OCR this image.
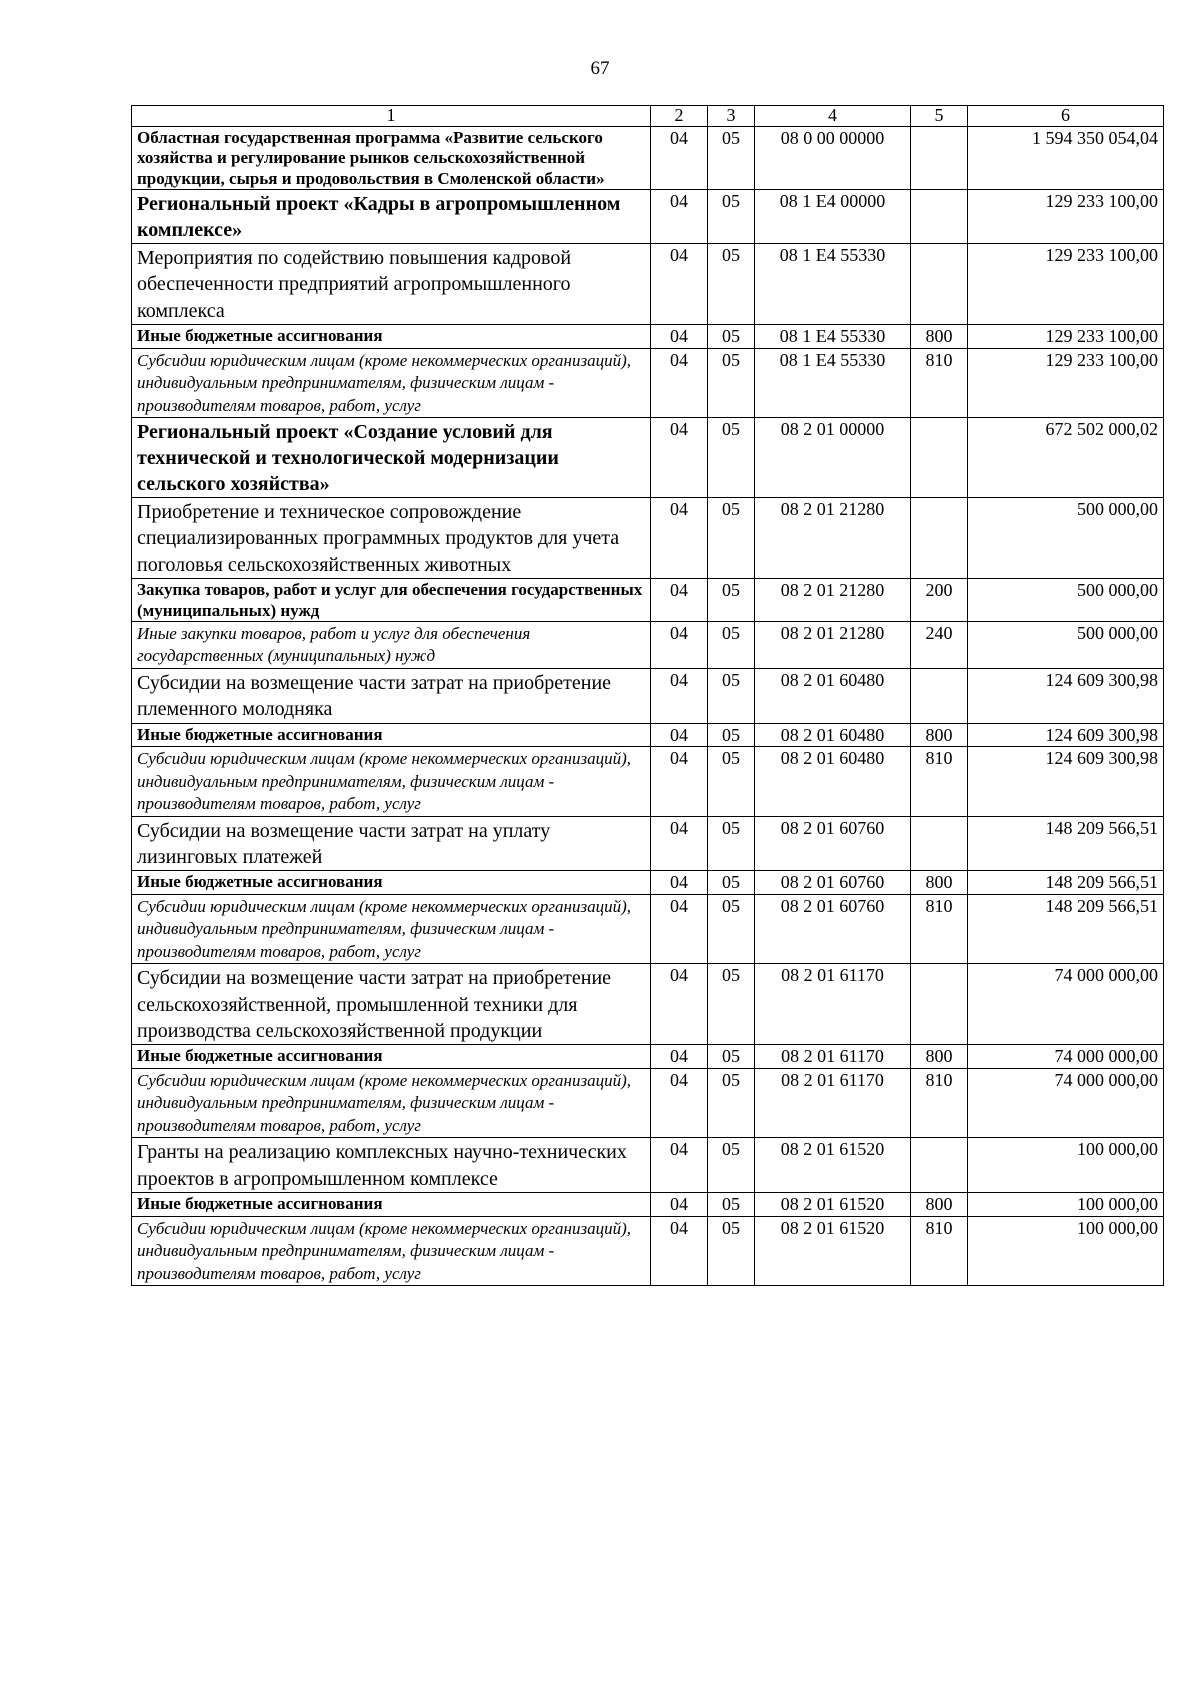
67
1	2	3	4	5	6
Областная государственная программа «Развитие сельского хозяйства и регулирование рынков сельскохозяйственной продукции, сырья и продовольствия в Смоленской области»	04	05	08 0 00 00000		1 594 350 054,04
Региональный проект «Кадры в агропромышленном комплексе»	04	05	08 1 E4 00000		129 233 100,00
Мероприятия по содействию повышения кадровой обеспеченности предприятий агропромышленного комплекса	04	05	08 1 E4 55330		129 233 100,00
Иные бюджетные ассигнования	04	05	08 1 E4 55330	800	129 233 100,00
Субсидии юридическим лицам (кроме некоммерческих организаций), индивидуальным предпринимателям, физическим лицам - производителям товаров, работ, услуг	04	05	08 1 E4 55330	810	129 233 100,00
Региональный проект «Создание условий для технической и технологической модернизации сельского хозяйства»	04	05	08 2 01 00000		672 502 000,02
Приобретение и техническое сопровождение специализированных программных продуктов для учета поголовья сельскохозяйственных животных	04	05	08 2 01 21280		500 000,00
Закупка товаров, работ и услуг для обеспечения государственных (муниципальных) нужд	04	05	08 2 01 21280	200	500 000,00
Иные закупки товаров, работ и услуг для обеспечения государственных (муниципальных) нужд	04	05	08 2 01 21280	240	500 000,00
Субсидии на возмещение части затрат на приобретение племенного молодняка	04	05	08 2 01 60480		124 609 300,98
Иные бюджетные ассигнования	04	05	08 2 01 60480	800	124 609 300,98
Субсидии юридическим лицам (кроме некоммерческих организаций), индивидуальным предпринимателям, физическим лицам - производителям товаров, работ, услуг	04	05	08 2 01 60480	810	124 609 300,98
Субсидии на возмещение части затрат на уплату лизинговых платежей	04	05	08 2 01 60760		148 209 566,51
Иные бюджетные ассигнования	04	05	08 2 01 60760	800	148 209 566,51
Субсидии юридическим лицам (кроме некоммерческих организаций), индивидуальным предпринимателям, физическим лицам - производителям товаров, работ, услуг	04	05	08 2 01 60760	810	148 209 566,51
Субсидии на возмещение части затрат на приобретение сельскохозяйственной, промышленной техники для производства сельскохозяйственной продукции	04	05	08 2 01 61170		74 000 000,00
Иные бюджетные ассигнования	04	05	08 2 01 61170	800	74 000 000,00
Субсидии юридическим лицам (кроме некоммерческих организаций), индивидуальным предпринимателям, физическим лицам - производителям товаров, работ, услуг	04	05	08 2 01 61170	810	74 000 000,00
Гранты на реализацию комплексных научно-технических проектов в агропромышленном комплексе	04	05	08 2 01 61520		100 000,00
Иные бюджетные ассигнования	04	05	08 2 01 61520	800	100 000,00
Субсидии юридическим лицам (кроме некоммерческих организаций), индивидуальным предпринимателям, физическим лицам - производителям товаров, работ, услуг	04	05	08 2 01 61520	810	100 000,00
